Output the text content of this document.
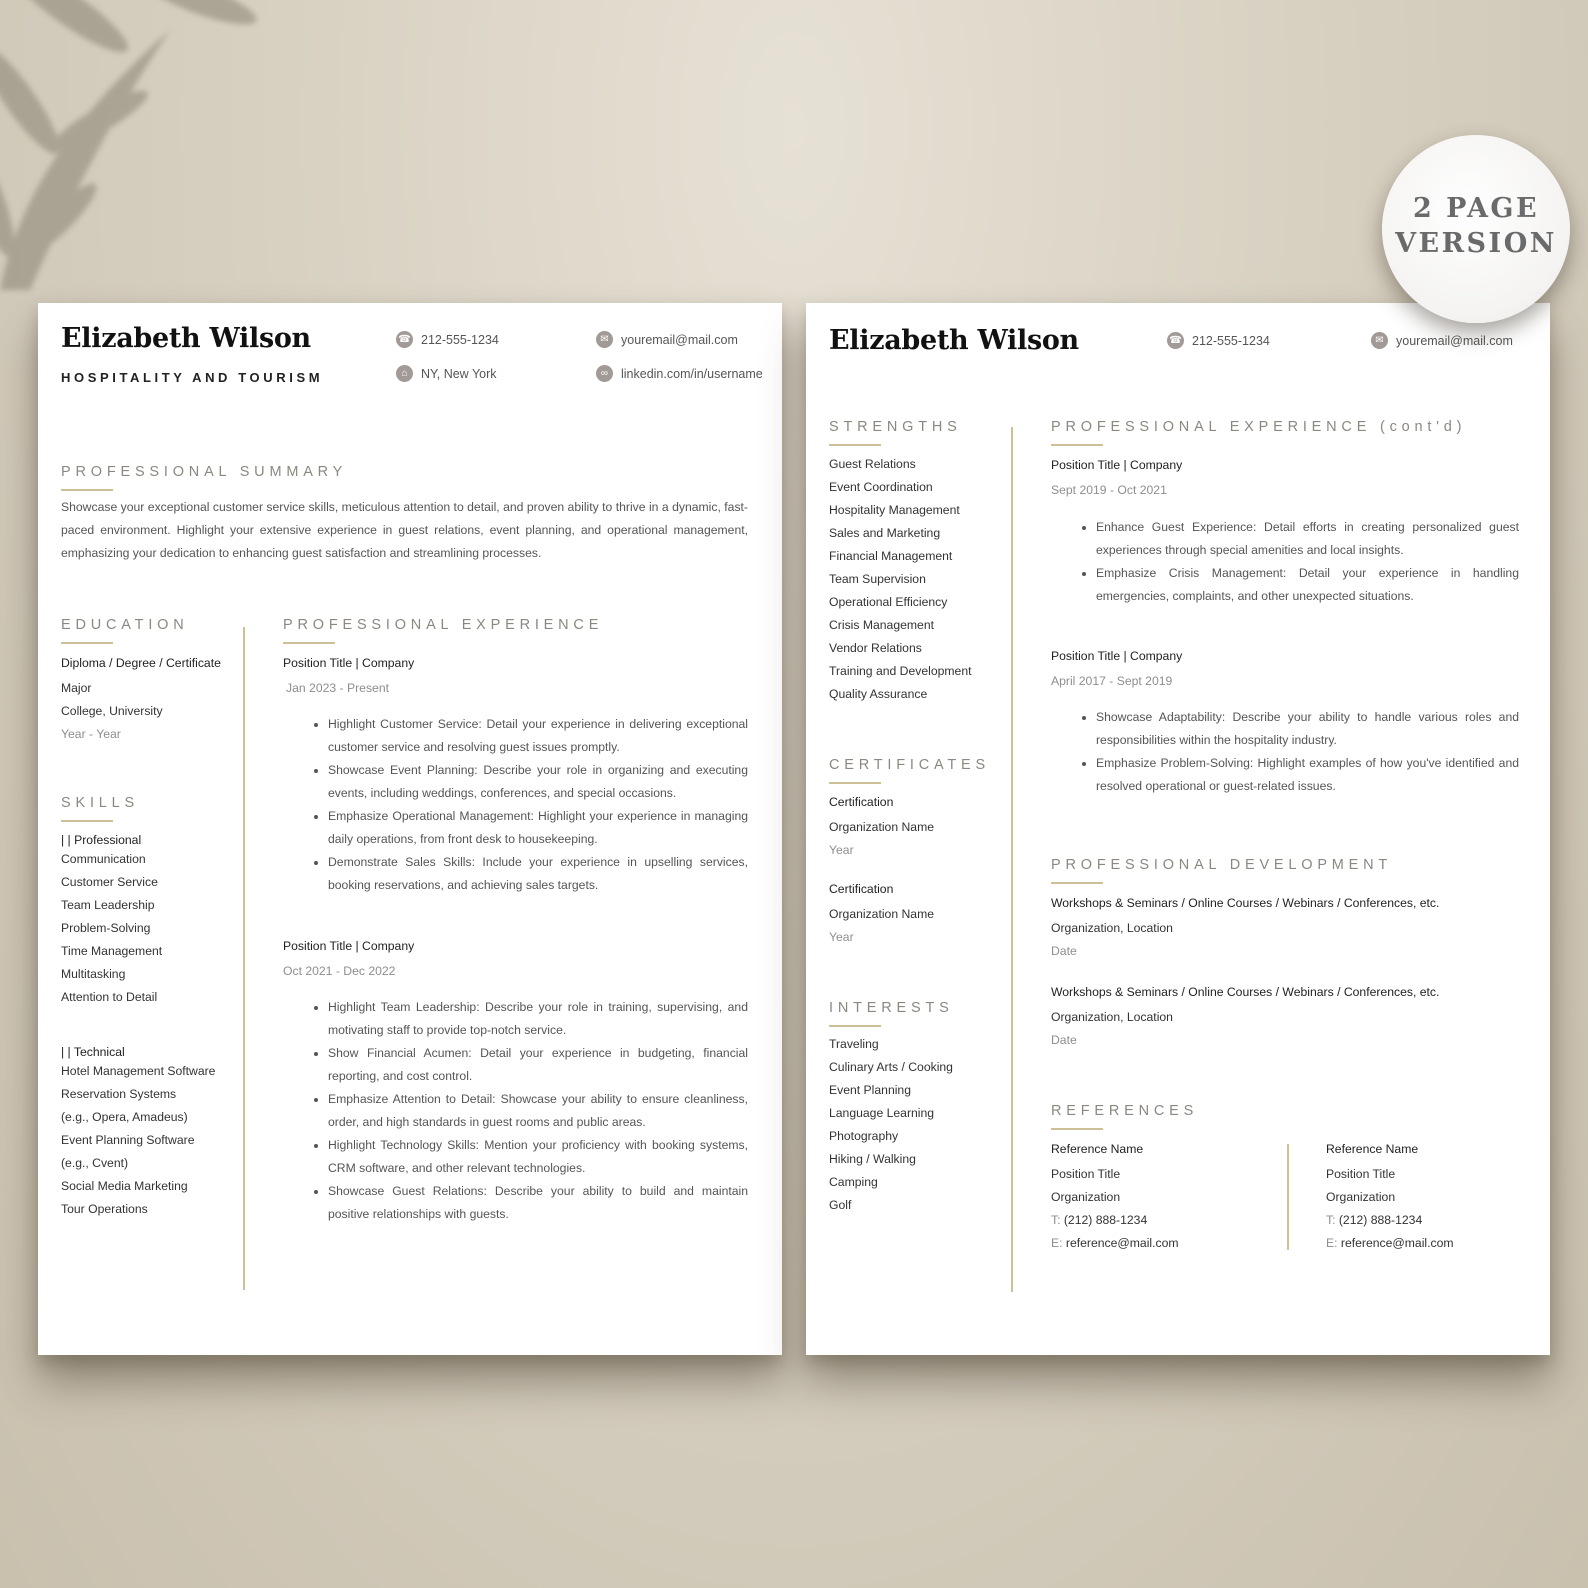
Elizabeth Wilson
HOSPITALITY AND TOURISM
☎ 212-555-1234	✉ youremail@mail.com
⌂	NY, New York	∞	linkedin.com/in/username
PROFESSIONAL SUMMARY
Showcase your exceptional customer service skills, meticulous attention to detail, and proven ability to thrive in a dynamic, fast-paced environment. Highlight your extensive experience in guest relations, event planning, and operational management, emphasizing your dedication to enhancing guest satisfaction and streamlining processes.
EDUCATION
Diploma / Degree / Certificate
Major
College, University
Year - Year
SKILLS
| | Professional
Communication
Customer Service
Team Leadership
Problem-Solving
Time Management
Multitasking
Attention to Detail
| | Technical
Hotel Management Software
Reservation Systems
(e.g., Opera, Amadeus)
Event Planning Software
(e.g., Cvent)
Social Media Marketing
Tour Operations
PROFESSIONAL EXPERIENCE
Position Title | Company
Jan 2023 - Present
• Highlight Customer Service: Detail your experience in delivering exceptional customer service and resolving guest issues promptly.
• Showcase Event Planning: Describe your role in organizing and executing events, including weddings, conferences, and special occasions.
• Emphasize Operational Management: Highlight your experience in managing daily operations, from front desk to housekeeping.
• Demonstrate Sales Skills: Include your experience in upselling services, booking reservations, and achieving sales targets.
Position Title | Company
Oct 2021 - Dec 2022
• Highlight Team Leadership: Describe your role in training, supervising, and motivating staff to provide top-notch service.
• Show Financial Acumen: Detail your experience in budgeting, financial reporting, and cost control.
• Emphasize Attention to Detail: Showcase your ability to ensure cleanliness, order, and high standards in guest rooms and public areas.
• Highlight Technology Skills: Mention your proficiency with booking systems, CRM software, and other relevant technologies.
• Showcase Guest Relations: Describe your ability to build and maintain positive relationships with guests.
Elizabeth Wilson	☎ 212-555-1234	✉ youremail@mail.com
STRENGTHS
Guest Relations
Event Coordination
Hospitality Management
Sales and Marketing
Financial Management
Team Supervision
Operational Efficiency
Crisis Management
Vendor Relations
Training and Development
Quality Assurance
CERTIFICATES
Certification
Organization Name
Year
Certification
Organization Name
Year
INTERESTS
Traveling
Culinary Arts / Cooking
Event Planning
Language Learning
Photography
Hiking / Walking
Camping
Golf
PROFESSIONAL EXPERIENCE (cont'd)
Position Title | Company
Sept 2019 - Oct 2021
• Enhance Guest Experience: Detail efforts in creating personalized guest experiences through special amenities and local insights.
• Emphasize Crisis Management: Detail your experience in handling emergencies, complaints, and other unexpected situations.
Position Title | Company
April 2017 - Sept 2019
• Showcase Adaptability: Describe your ability to handle various roles and responsibilities within the hospitality industry.
• Emphasize Problem-Solving: Highlight examples of how you've identified and resolved operational or guest-related issues.
PROFESSIONAL DEVELOPMENT
Workshops & Seminars / Online Courses / Webinars / Conferences, etc.
Organization, Location
Date
Workshops & Seminars / Online Courses / Webinars / Conferences, etc.
Organization, Location
Date
REFERENCES
Reference Name
Position Title
Organization
T: (212) 888-1234
E: reference@mail.com
Reference Name
Position Title
Organization
T: (212) 888-1234
E: reference@mail.com
2 PAGE
VERSION
